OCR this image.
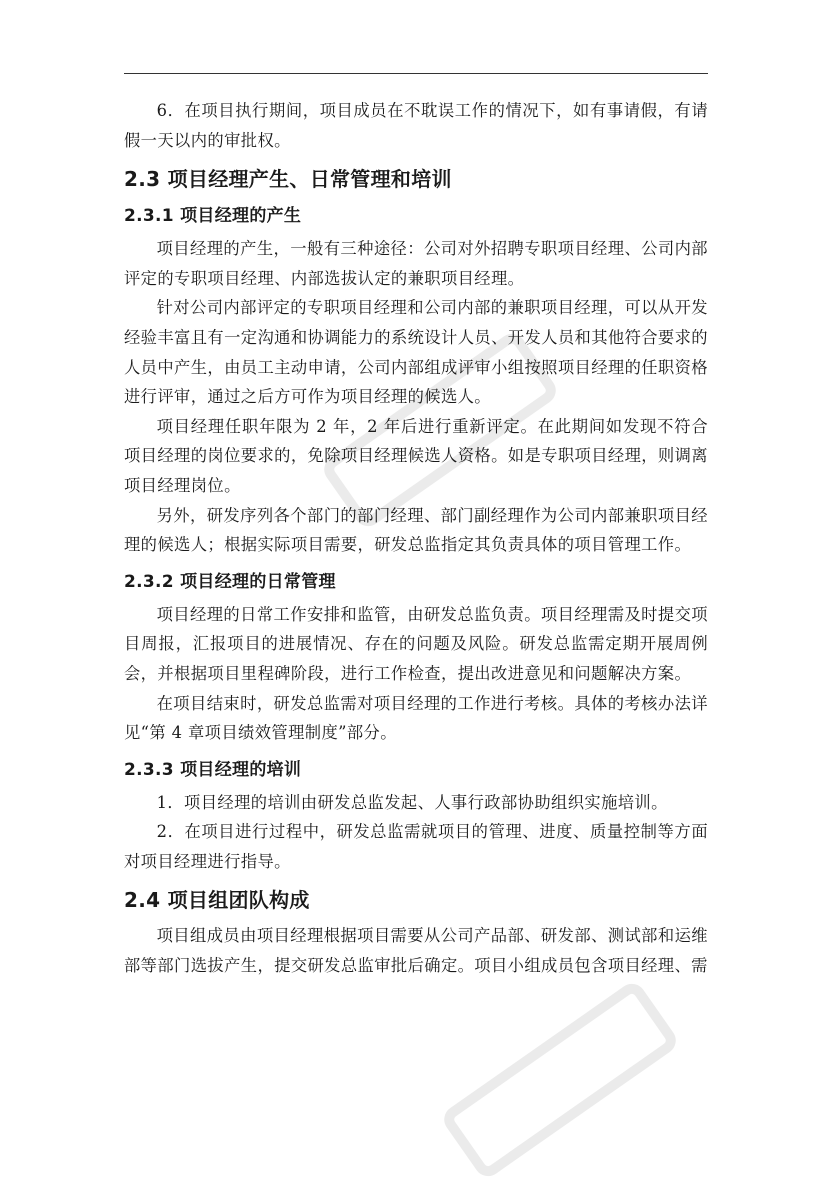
6．在项目执行期间，项目成员在不耽误工作的情况下，如有事请假，有请假一天以内的审批权。

2.3 项目经理产生、日常管理和培训
2.3.1 项目经理的产生

项目经理的产生，一般有三种途径：公司对外招聘专职项目经理、公司内部评定的专职项目经理、内部选拔认定的兼职项目经理。

针对公司内部评定的专职项目经理和公司内部的兼职项目经理，可以从开发经验丰富且有一定沟通和协调能力的系统设计人员、开发人员和其他符合要求的人员中产生，由员工主动申请，公司内部组成评审小组按照项目经理的任职资格进行评审，通过之后方可作为项目经理的候选人。

项目经理任职年限为 2 年，2 年后进行重新评定。在此期间如发现不符合项目经理的岗位要求的，免除项目经理候选人资格。如是专职项目经理，则调离项目经理岗位。

另外，研发序列各个部门的部门经理、部门副经理作为公司内部兼职项目经理的候选人；根据实际项目需要，研发总监指定其负责具体的项目管理工作。

2.3.2 项目经理的日常管理

项目经理的日常工作安排和监管，由研发总监负责。项目经理需及时提交项目周报，汇报项目的进展情况、存在的问题及风险。研发总监需定期开展周例会，并根据项目里程碑阶段，进行工作检查，提出改进意见和问题解决方案。

在项目结束时，研发总监需对项目经理的工作进行考核。具体的考核办法详见“第 4 章项目绩效管理制度”部分。

2.3.3 项目经理的培训

1．项目经理的培训由研发总监发起、人事行政部协助组织实施培训。

2．在项目进行过程中，研发总监需就项目的管理、进度、质量控制等方面对项目经理进行指导。

2.4 项目组团队构成

项目组成员由项目经理根据项目需要从公司产品部、研发部、测试部和运维部等部门选拔产生，提交研发总监审批后确定。项目小组成员包含项目经理、需
